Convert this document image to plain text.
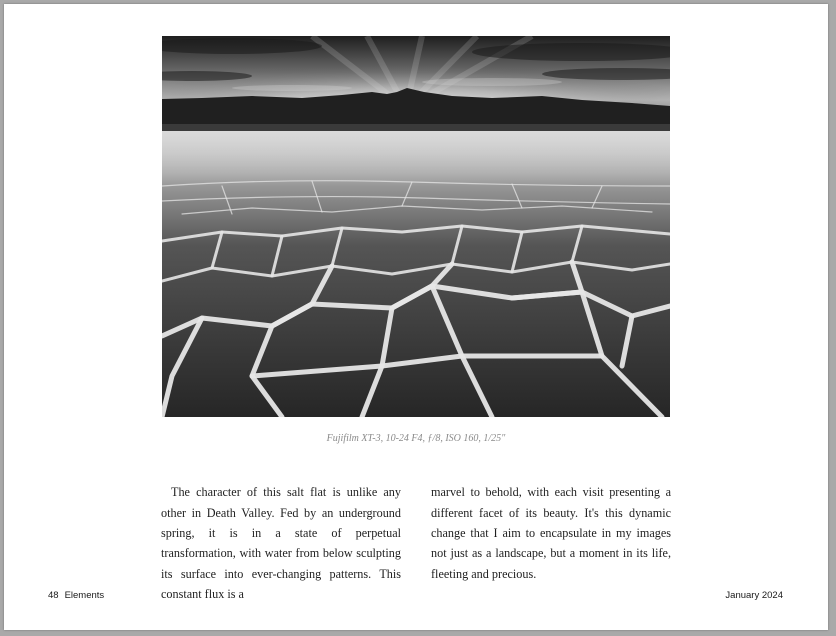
Fujifilm XT-3, 10-24 F4, ƒ/8, ISO 160, 1/25"

The character of this salt flat is unlike any other in Death Valley. Fed by an underground spring, it is in a state of perpetual transformation, with water from below sculpting its surface into ever-changing patterns. This constant flux is a

marvel to behold, with each visit presenting a different facet of its beauty. It's this dynamic change that I aim to encapsulate in my images not just as a landscape, but a moment in its life, fleeting and precious.

48 Elements	January 2024
